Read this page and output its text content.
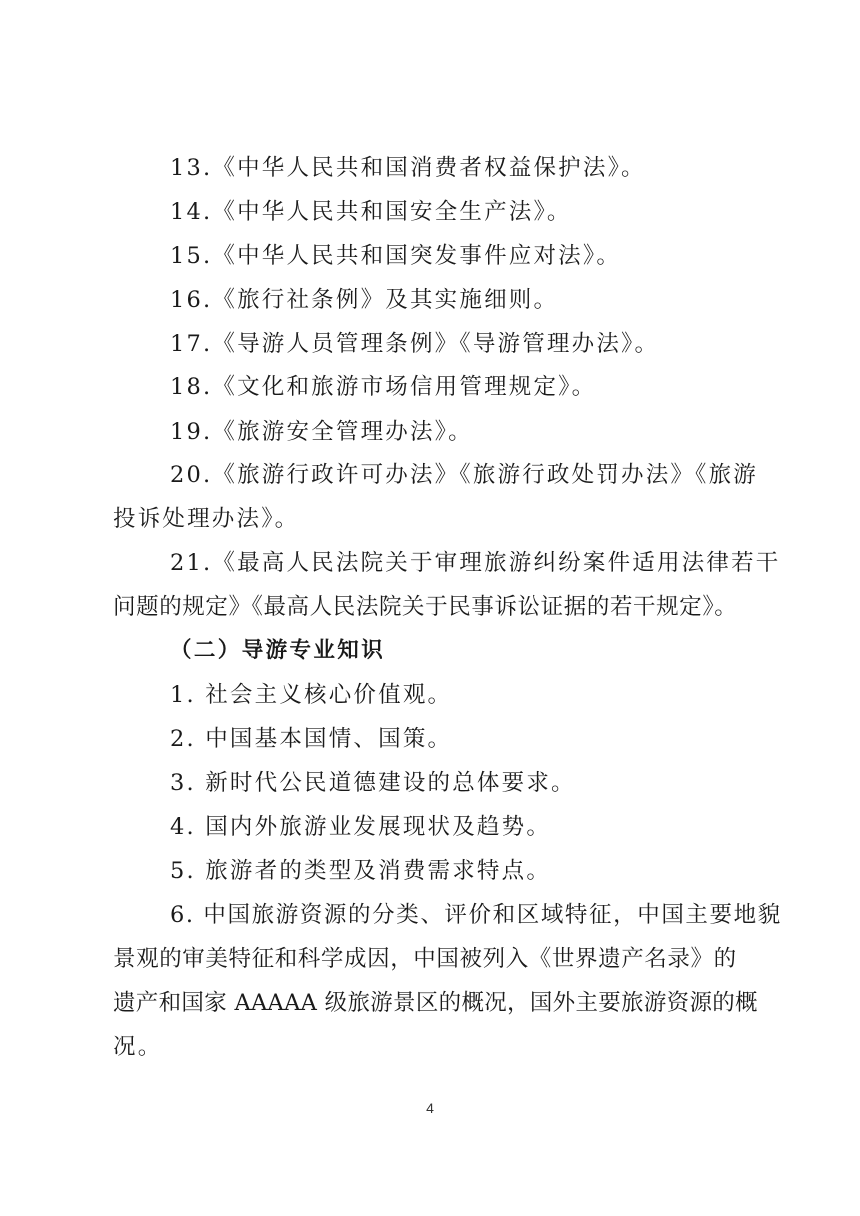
13.《中华人民共和国消费者权益保护法》。
14.《中华人民共和国安全生产法》。
15.《中华人民共和国突发事件应对法》。
16.《旅行社条例》及其实施细则。
17.《导游人员管理条例》《导游管理办法》。
18.《文化和旅游市场信用管理规定》。
19.《旅游安全管理办法》。
20.《旅游行政许可办法》《旅游行政处罚办法》《旅游
投诉处理办法》。
21.《最高人民法院关于审理旅游纠纷案件适用法律若干
问题的规定》《最高人民法院关于民事诉讼证据的若干规定》。
（二）导游专业知识
1. 社会主义核心价值观。
2. 中国基本国情、国策。
3. 新时代公民道德建设的总体要求。
4. 国内外旅游业发展现状及趋势。
5. 旅游者的类型及消费需求特点。
6. 中国旅游资源的分类、评价和区域特征，中国主要地貌
景观的审美特征和科学成因，中国被列入《世界遗产名录》的
遗产和国家 AAAAA 级旅游景区的概况，国外主要旅游资源的概
况。
4
